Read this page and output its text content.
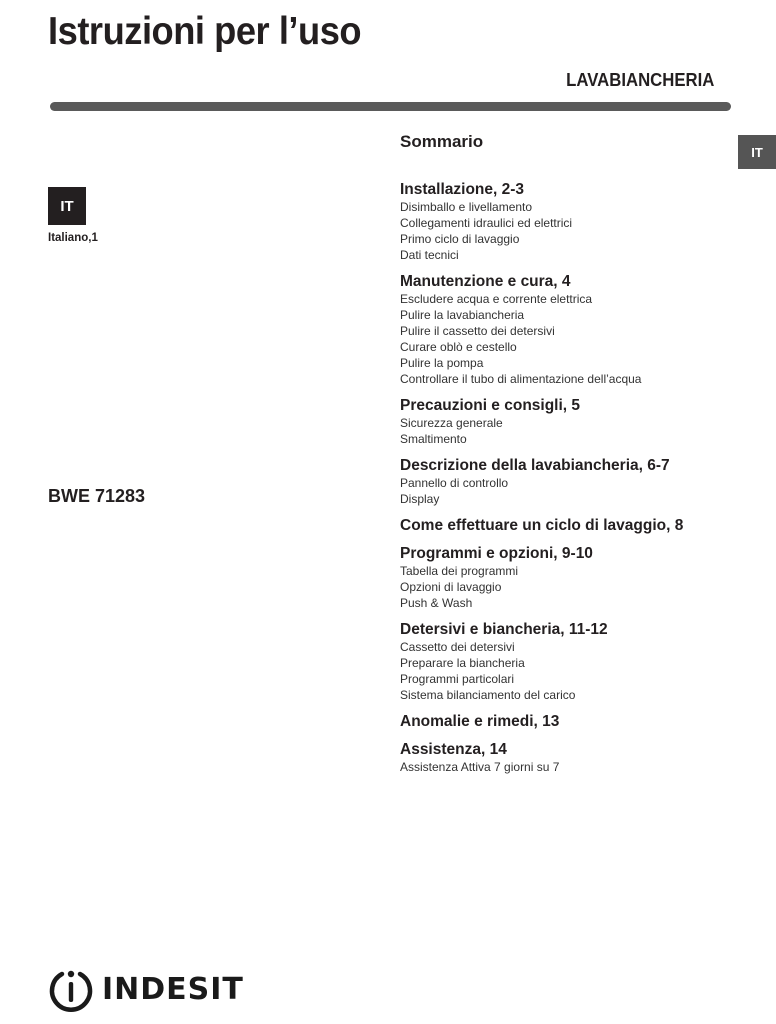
Istruzioni per l’uso
LAVABIANCHERIA
IT
IT
Italiano,1
BWE 71283
Sommario
Installazione, 2-3
Disimballo e livellamento
Collegamenti idraulici ed elettrici
Primo ciclo di lavaggio
Dati tecnici
Manutenzione e cura, 4
Escludere acqua e corrente elettrica
Pulire la lavabiancheria
Pulire il cassetto dei detersivi
Curare oblò e cestello
Pulire la pompa
Controllare il tubo di alimentazione dell’acqua
Precauzioni e consigli, 5
Sicurezza generale
Smaltimento
Descrizione della lavabiancheria, 6-7
Pannello di controllo
Display
Come effettuare un ciclo di lavaggio, 8
Programmi e opzioni, 9-10
Tabella dei programmi
Opzioni di lavaggio
Push & Wash
Detersivi e biancheria, 11-12
Cassetto dei detersivi
Preparare la biancheria
Programmi particolari
Sistema bilanciamento del carico
Anomalie e rimedi, 13
Assistenza, 14
Assistenza Attiva 7 giorni su 7
INDESIT
